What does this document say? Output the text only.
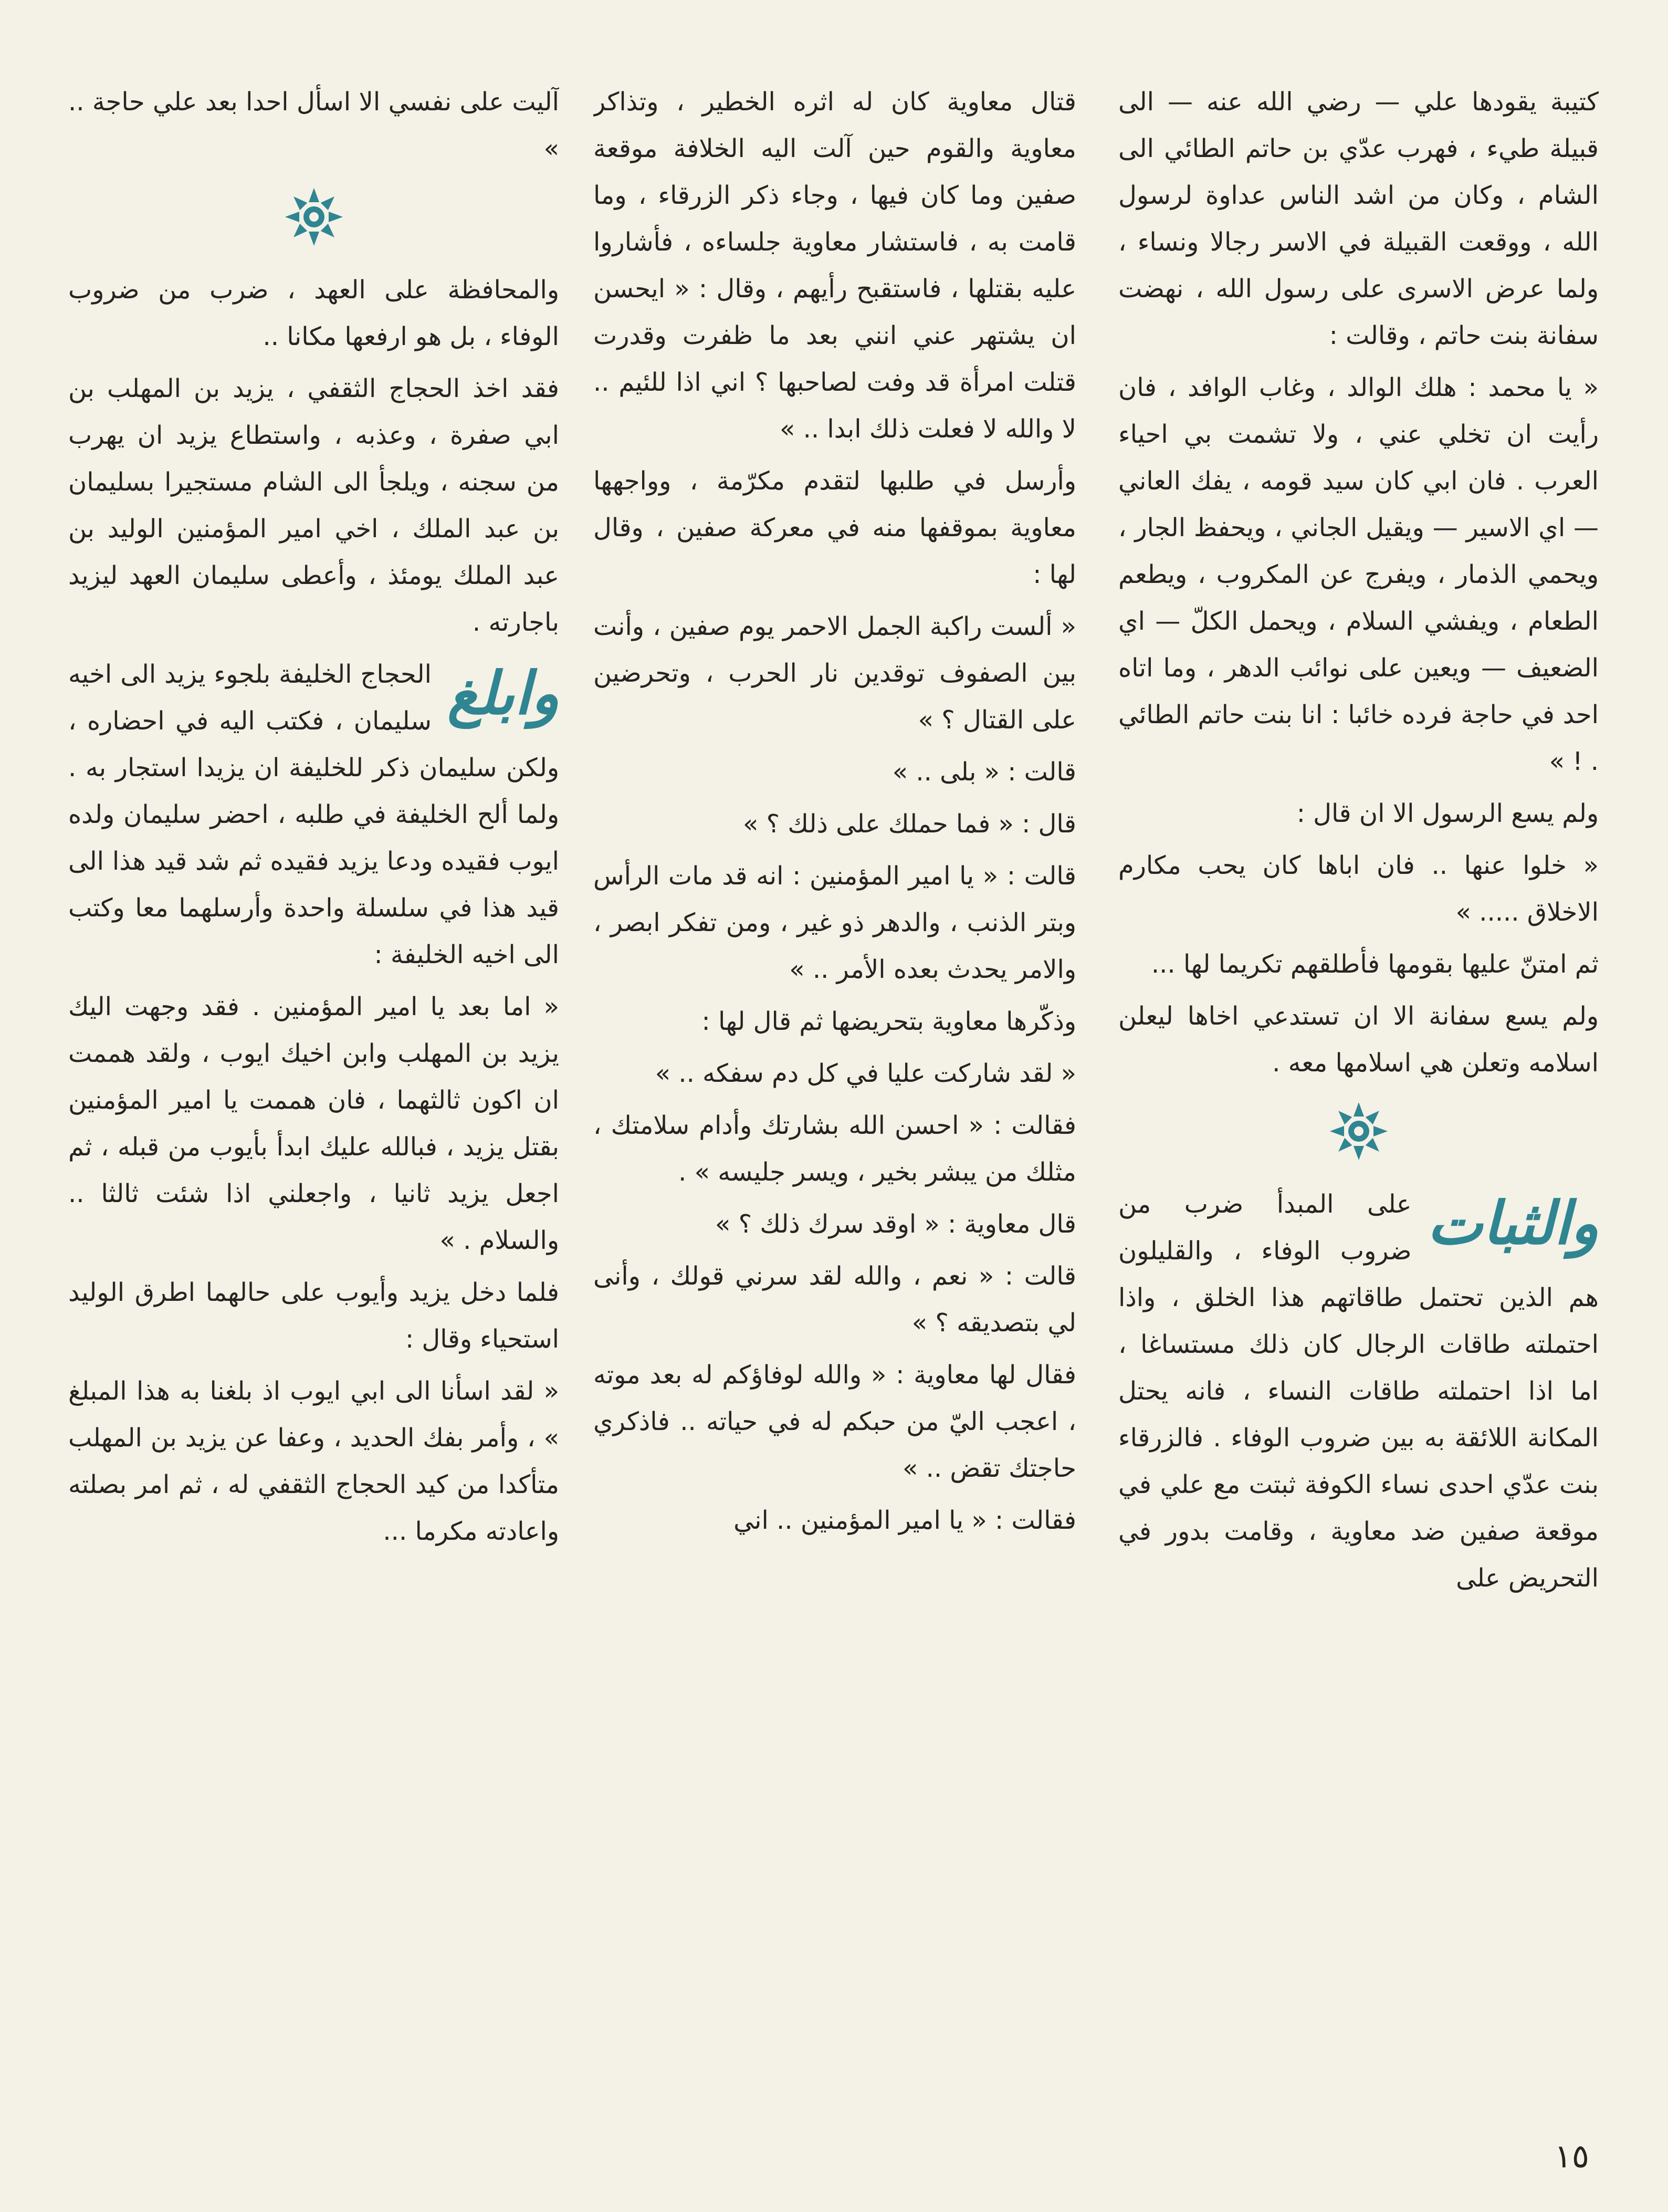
كتيبة يقودها علي — رضي الله عنه — الى قبيلة طيء ، فهرب عدّي بن حاتم الطائي الى الشام ، وكان من اشد الناس عداوة لرسول الله ، ووقعت القبيلة في الاسر رجالا ونساء ، ولما عرض الاسرى على رسول الله ، نهضت سفانة بنت حاتم ، وقالت :

« يا محمد : هلك الوالد ، وغاب الوافد ، فان رأيت ان تخلي عني ، ولا تشمت بي احياء العرب . فان ابي كان سيد قومه ، يفك العاني — اي الاسير — ويقيل الجاني ، ويحفظ الجار ، ويحمي الذمار ، ويفرج عن المكروب ، ويطعم الطعام ، ويفشي السلام ، ويحمل الكلّ — اي الضعيف — ويعين على نوائب الدهر ، وما اتاه احد في حاجة فرده خائبا : انا بنت حاتم الطائي . ! »

ولم يسع الرسول الا ان قال :

« خلوا عنها .. فان اباها كان يحب مكارم الاخلاق ..... »

ثم امتنّ عليها بقومها فأطلقهم تكريما لها ...

ولم يسع سفانة الا ان تستدعي اخاها ليعلن اسلامه وتعلن هي اسلامها معه .

والثبات

على المبدأ ضرب من ضروب الوفاء ، والقليلون هم الذين تحتمل طاقاتهم هذا الخلق ، واذا احتملته طاقات الرجال كان ذلك مستساغا ، اما اذا احتملته طاقات النساء ، فانه يحتل المكانة اللائقة به بين ضروب الوفاء . فالزرقاء بنت عدّي احدى نساء الكوفة ثبتت مع علي في موقعة صفين ضد معاوية ، وقامت بدور في التحريض على

قتال معاوية كان له اثره الخطير ، وتذاكر معاوية والقوم حين آلت اليه الخلافة موقعة صفين وما كان فيها ، وجاء ذكر الزرقاء ، وما قامت به ، فاستشار معاوية جلساءه ، فأشاروا عليه بقتلها ، فاستقبح رأيهم ، وقال : « ايحسن ان يشتهر عني انني بعد ما ظفرت وقدرت قتلت امرأة قد وفت لصاحبها ؟ اني اذا للئيم .. لا والله لا فعلت ذلك ابدا .. »

وأرسل في طلبها لتقدم مكرّمة ، وواجهها معاوية بموقفها منه في معركة صفين ، وقال لها :

« ألست راكبة الجمل الاحمر يوم صفين ، وأنت بين الصفوف توقدين نار الحرب ، وتحرضين على القتال ؟ »

قالت : « بلى .. »

قال : « فما حملك على ذلك ؟ »

قالت : « يا امير المؤمنين : انه قد مات الرأس وبتر الذنب ، والدهر ذو غير ، ومن تفكر ابصر ، والامر يحدث بعده الأمر .. »

وذكّرها معاوية بتحريضها ثم قال لها :

« لقد شاركت عليا في كل دم سفكه .. »

فقالت : « احسن الله بشارتك وأدام سلامتك ، مثلك من يبشر بخير ، ويسر جليسه » .

قال معاوية : « اوقد سرك ذلك ؟ »

قالت : « نعم ، والله لقد سرني قولك ، وأنى لي بتصديقه ؟ »

فقال لها معاوية : « والله لوفاؤكم له بعد موته ، اعجب اليّ من حبكم له في حياته .. فاذكري حاجتك تقض .. »

فقالت : « يا امير المؤمنين .. اني

آليت على نفسي الا اسأل احدا بعد علي حاجة .. »

والمحافظة على العهد ، ضرب من ضروب الوفاء ، بل هو ارفعها مكانا ..

فقد اخذ الحجاج الثقفي ، يزيد بن المهلب بن ابي صفرة ، وعذبه ، واستطاع يزيد ان يهرب من سجنه ، ويلجأ الى الشام مستجيرا بسليمان بن عبد الملك ، اخي امير المؤمنين الوليد بن عبد الملك يومئذ ، وأعطى سليمان العهد ليزيد باجارته .

وابلغ

الحجاج الخليفة بلجوء يزيد الى اخيه سليمان ، فكتب اليه في احضاره ، ولكن سليمان ذكر للخليفة ان يزيدا استجار به . ولما ألح الخليفة في طلبه ، احضر سليمان ولده ايوب فقيده ودعا يزيد فقيده ثم شد قيد هذا الى قيد هذا في سلسلة واحدة وأرسلهما معا وكتب الى اخيه الخليفة :

« اما بعد يا امير المؤمنين . فقد وجهت اليك يزيد بن المهلب وابن اخيك ايوب ، ولقد هممت ان اكون ثالثهما ، فان هممت يا امير المؤمنين بقتل يزيد ، فبالله عليك ابدأ بأيوب من قبله ، ثم اجعل يزيد ثانيا ، واجعلني اذا شئت ثالثا .. والسلام . »

فلما دخل يزيد وأيوب على حالهما اطرق الوليد استحياء وقال :

« لقد اسأنا الى ابي ايوب اذ بلغنا به هذا المبلغ » ، وأمر بفك الحديد ، وعفا عن يزيد بن المهلب متأكدا من كيد الحجاج الثقفي له ، ثم امر بصلته واعادته مكرما ...

١٥
